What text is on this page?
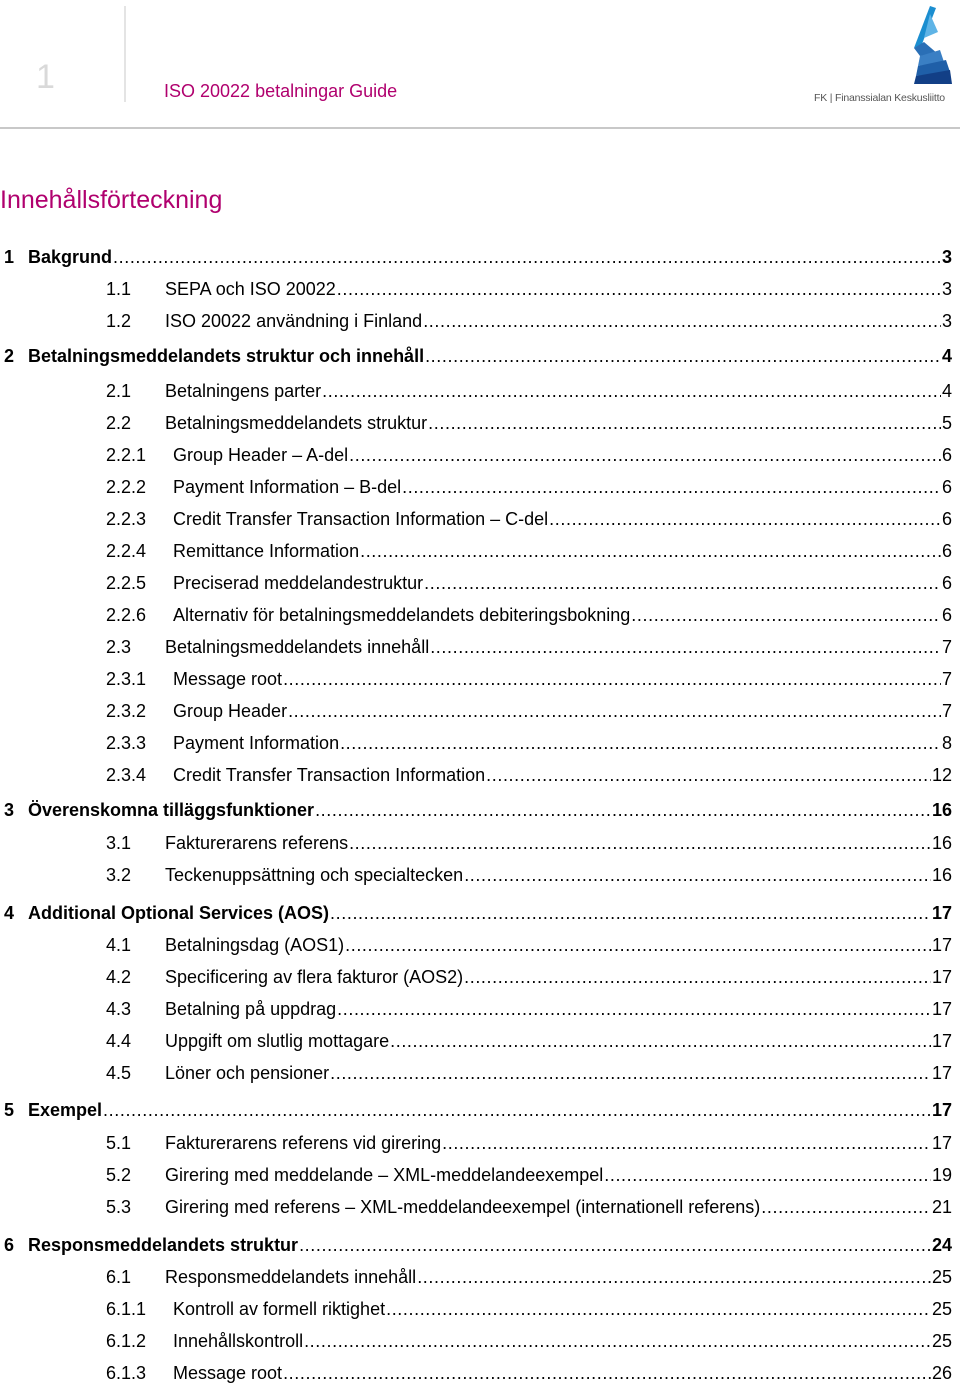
1	ISO 20022 betalningar Guide	FK | Finanssialan Keskusliitto
Innehållsförteckning
1 Bakgrund . . .	3
1.1	SEPA och ISO 20022 . . .	3
1.2	ISO 20022 användning i Finland . . .	3
2 Betalningsmeddelandets struktur och innehåll . . .	4
2.1	Betalningens parter . . .	4
2.2	Betalningsmeddelandets struktur . . .	5
2.2.1	Group Header – A-del . . .	6
2.2.2	Payment Information – B-del . . .	6
2.2.3	Credit Transfer Transaction Information – C-del . . .	6
2.2.4	Remittance Information . . .	6
2.2.5	Preciserad meddelandestruktur . . .	6
2.2.6	Alternativ för betalningsmeddelandets debiteringsbokning . . .	6
2.3	Betalningsmeddelandets innehåll . . .	7
2.3.1	Message root . . .	7
2.3.2	Group Header . . .	7
2.3.3	Payment Information . . .	8
2.3.4	Credit Transfer Transaction Information . . .	12
3 Överenskomna tilläggsfunktioner . . .	16
3.1	Fakturerarens referens . . .	16
3.2	Teckenuppsättning och specialtecken . . .	16
4 Additional Optional Services (AOS) . . .	17
4.1	Betalningsdag (AOS1) . . .	17
4.2	Specificering av flera fakturor (AOS2) . . .	17
4.3	Betalning på uppdrag . . .	17
4.4	Uppgift om slutlig mottagare . . .	17
4.5	Löner och pensioner . . .	17
5 Exempel . . .	17
5.1	Fakturerarens referens vid girering . . .	17
5.2	Girering med meddelande – XML-meddelandeexempel . . .	19
5.3	Girering med referens – XML-meddelandeexempel (internationell referens) . . .	21
6 Responsmeddelandets struktur . . .	24
6.1	Responsmeddelandets innehåll . . .	25
6.1.1	Kontroll av formell riktighet . . .	25
6.1.2	Innehållskontroll . . .	25
6.1.3	Message root . . .	26
